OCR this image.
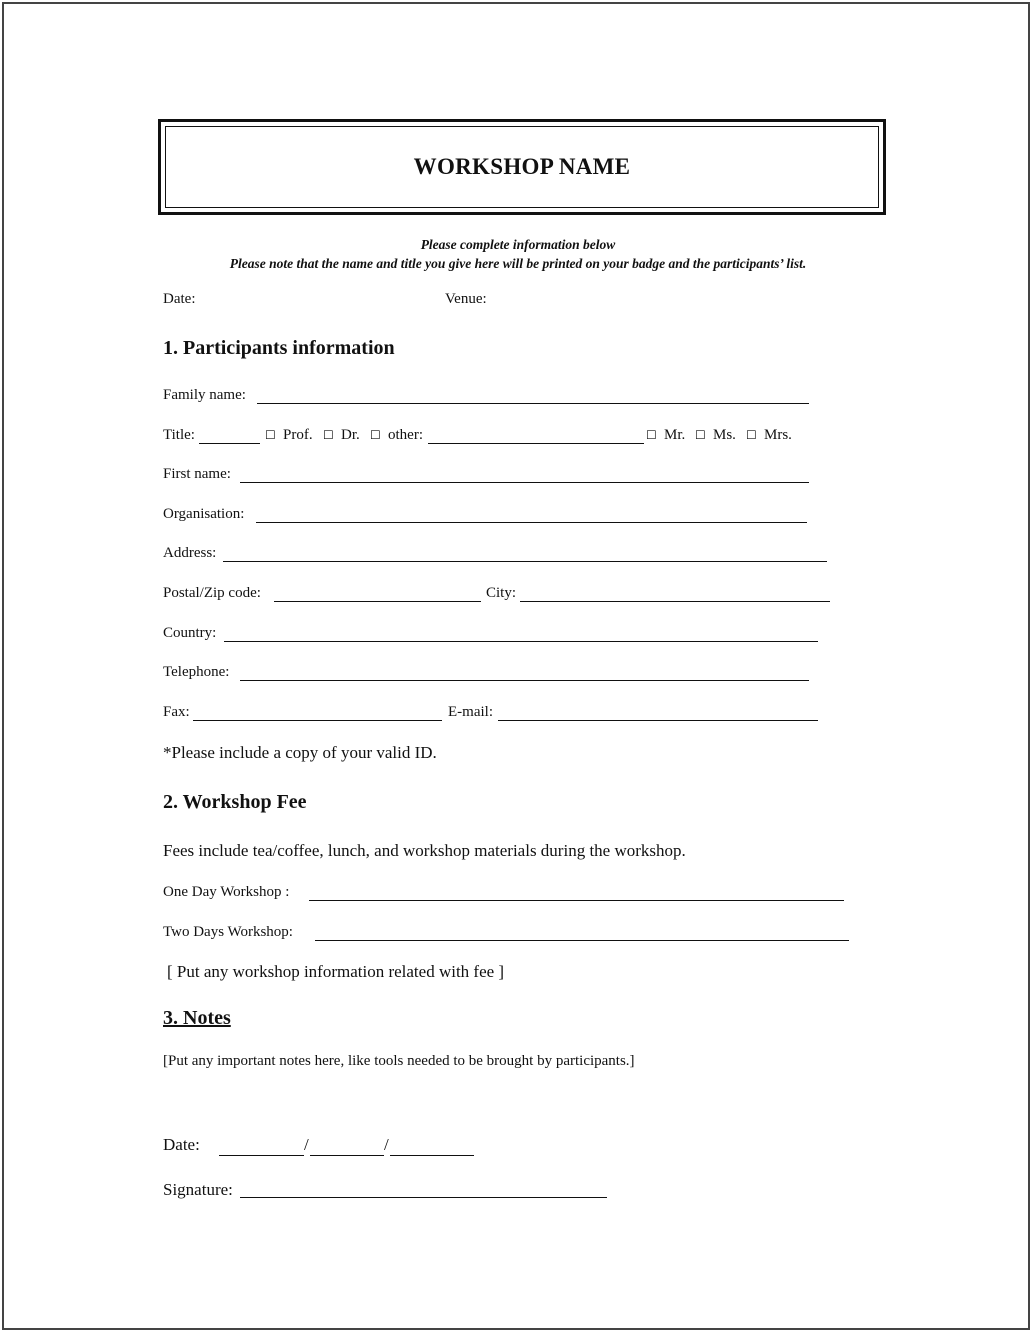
WORKSHOP NAME
Please complete information below
Please note that the name and title you give here will be printed on your badge and the participants’ list.
Date:	Venue:
1. Participants information
Family name:
Title:	☐ Prof. ☐ Dr. ☐ other:	☐ Mr. ☐ Ms. ☐ Mrs.
First name:
Organisation:
Address:
Postal/Zip code:	City:
Country:
Telephone:
Fax:	E-mail:
*Please include a copy of your valid ID.
2. Workshop Fee
Fees include tea/coffee, lunch, and workshop materials during the workshop.
One Day Workshop :
Two Days Workshop:
[ Put any workshop information related with fee ]
3. Notes
[Put any important notes here, like tools needed to be brought by participants.]
Date:	/	/
Signature:
